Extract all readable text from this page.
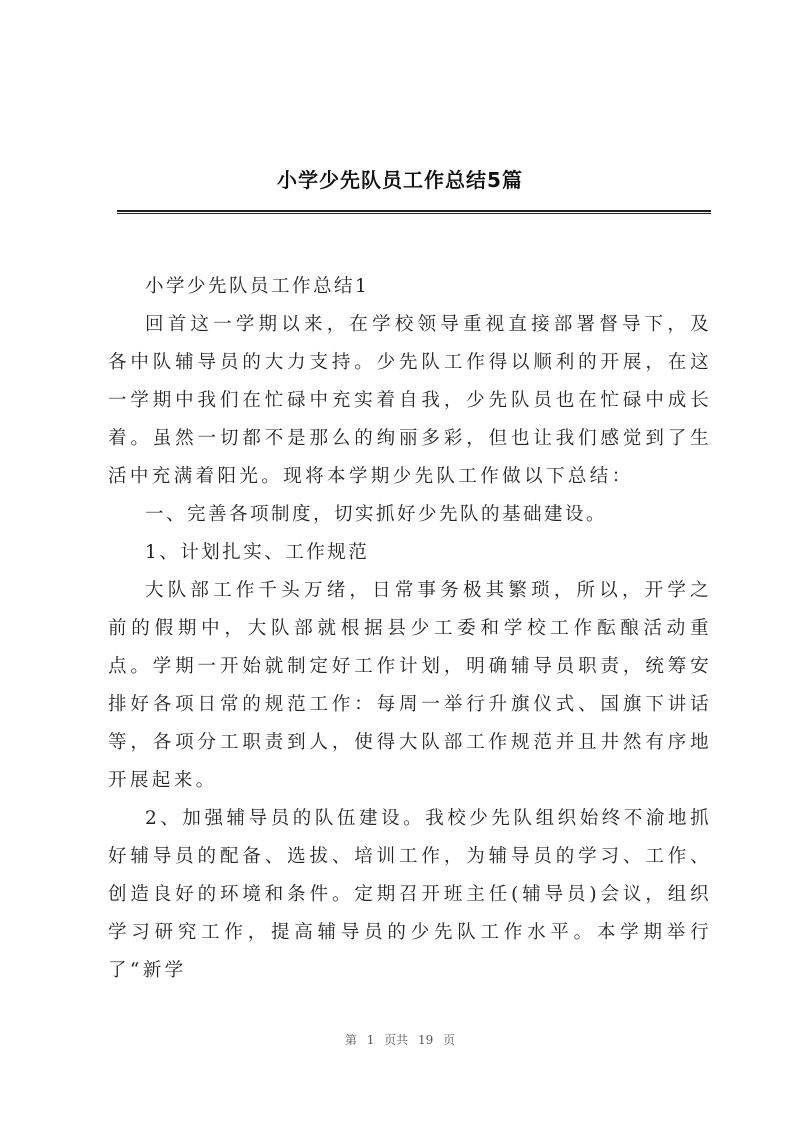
小学少先队员工作总结5篇

小学少先队员工作总结1

回首这一学期以来，在学校领导重视直接部署督导下，及各中队辅导员的大力支持。少先队工作得以顺利的开展，在这一学期中我们在忙碌中充实着自我，少先队员也在忙碌中成长着。虽然一切都不是那么的绚丽多彩，但也让我们感觉到了生活中充满着阳光。现将本学期少先队工作做以下总结：

一、完善各项制度，切实抓好少先队的基础建设。

1、计划扎实、工作规范

大队部工作千头万绪，日常事务极其繁琐，所以，开学之前的假期中，大队部就根据县少工委和学校工作酝酿活动重点。学期一开始就制定好工作计划，明确辅导员职责，统筹安排好各项日常的规范工作：每周一举行升旗仪式、国旗下讲话等，各项分工职责到人，使得大队部工作规范并且井然有序地开展起来。

2、加强辅导员的队伍建设。我校少先队组织始终不渝地抓好辅导员的配备、选拔、培训工作，为辅导员的学习、工作、创造良好的环境和条件。定期召开班主任(辅导员)会议，组织学习研究工作，提高辅导员的少先队工作水平。本学期举行了“新学

第 1 页共 19 页
